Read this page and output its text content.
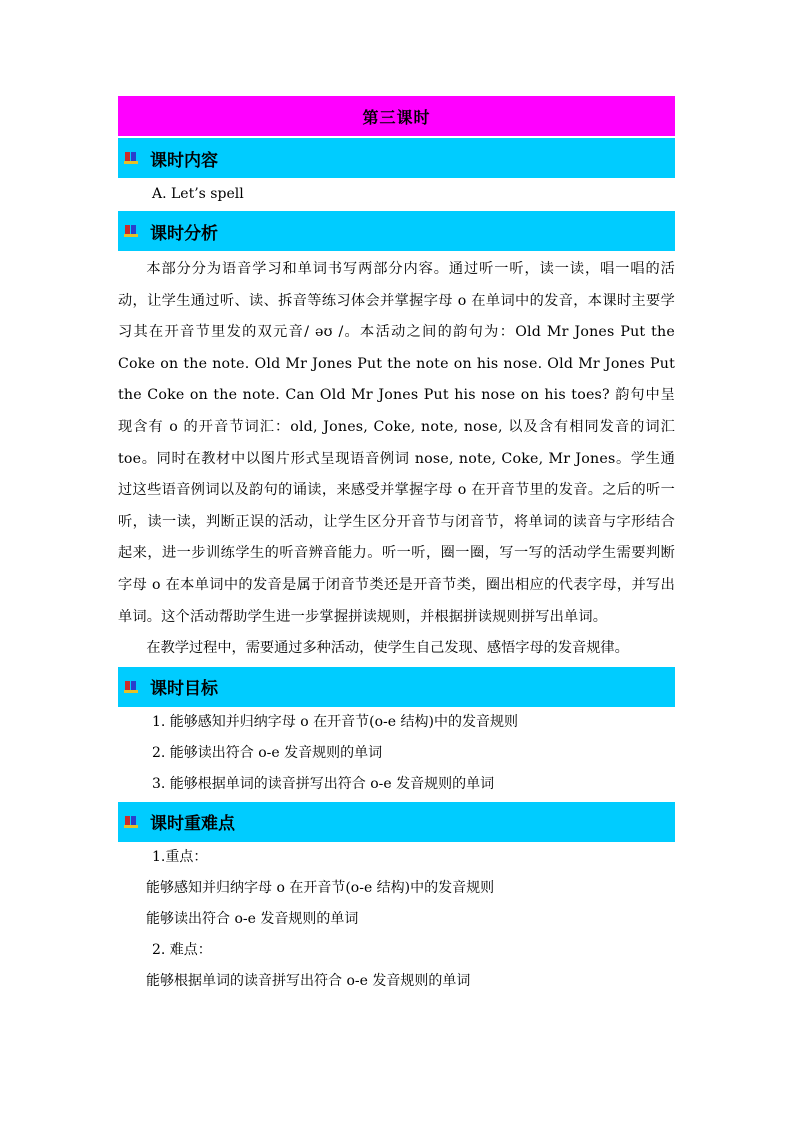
第三课时
课时内容
A. Let’s spell
课时分析

本部分分为语音学习和单词书写两部分内容。通过听一听，读一读，唱一唱的活动，让学生通过听、读、拆音等练习体会并掌握字母 o 在单词中的发音，本课时主要学习其在开音节里发的双元音/ əʊ /。本活动之间的韵句为：Old Mr Jones Put the Coke on the note. Old Mr Jones Put the note on his nose. Old Mr Jones Put the Coke on the note. Can Old Mr Jones Put his nose on his toes? 韵句中呈现含有 o 的开音节词汇：old, Jones, Coke, note, nose, 以及含有相同发音的词汇 toe。同时在教材中以图片形式呈现语音例词 nose, note, Coke, Mr Jones。学生通过这些语音例词以及韵句的诵读，来感受并掌握字母 o 在开音节里的发音。之后的听一听，读一读，判断正误的活动，让学生区分开音节与闭音节，将单词的读音与字形结合起来，进一步训练学生的听音辨音能力。听一听，圈一圈，写一写的活动学生需要判断字母 o 在本单词中的发音是属于闭音节类还是开音节类，圈出相应的代表字母，并写出单词。这个活动帮助学生进一步掌握拼读规则，并根据拼读规则拼写出单词。

在教学过程中，需要通过多种活动，使学生自己发现、感悟字母的发音规律。

课时目标
1. 能够感知并归纳字母 o 在开音节(o-e 结构)中的发音规则
2. 能够读出符合 o-e 发音规则的单词
3. 能够根据单词的读音拼写出符合 o-e 发音规则的单词
课时重难点
1.重点：
能够感知并归纳字母 o 在开音节(o-e 结构)中的发音规则
能够读出符合 o-e 发音规则的单词
2. 难点：
能够根据单词的读音拼写出符合 o-e 发音规则的单词
